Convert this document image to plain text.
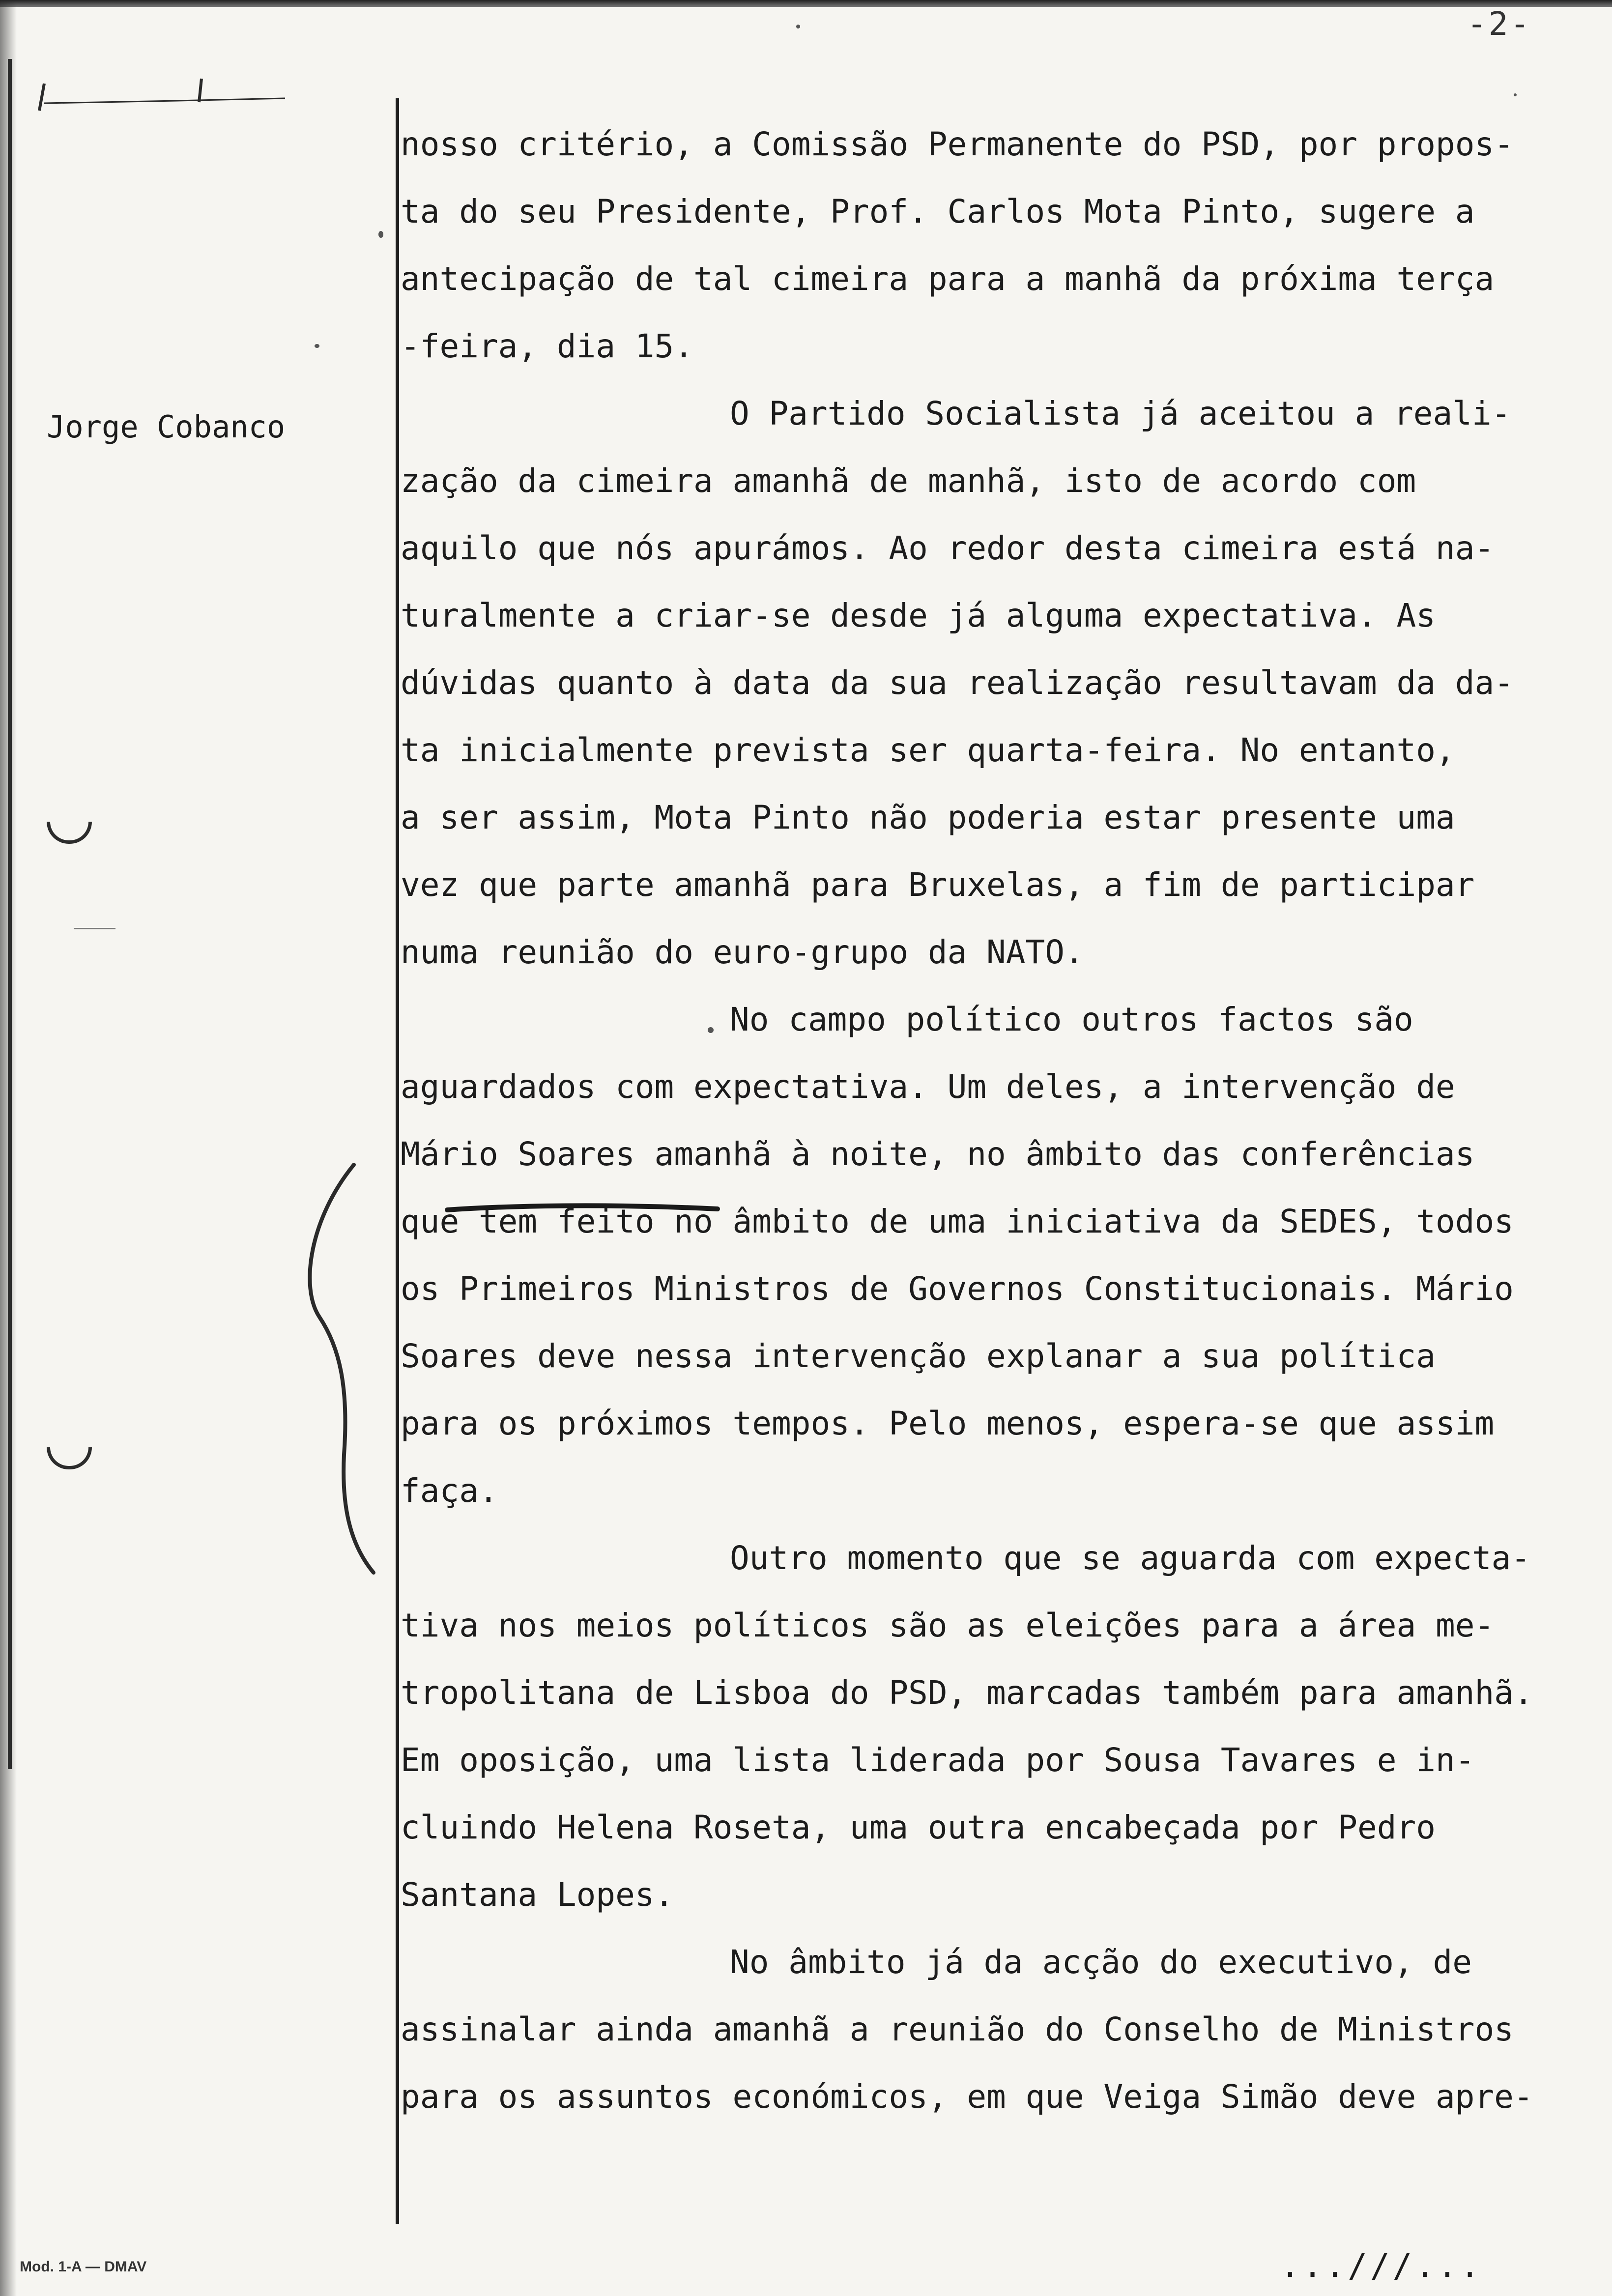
-2-
Jorge Cobanco
nosso critério, a Comissão Permanente do PSD, por propos-
ta do seu Presidente, Prof. Carlos Mota Pinto, sugere a
antecipação de tal cimeira para a manhã da próxima terça
-feira, dia 15.
O Partido Socialista já aceitou a reali-
zação da cimeira amanhã de manhã, isto de acordo com
aquilo que nós apurámos. Ao redor desta cimeira está na-
turalmente a criar-se desde já alguma expectativa. As
dúvidas quanto à data da sua realização resultavam da da-
ta inicialmente prevista ser quarta-feira. No entanto,
a ser assim, Mota Pinto não poderia estar presente uma
vez que parte amanhã para Bruxelas, a fim de participar
numa reunião do euro-grupo da NATO.
No campo político outros factos são
aguardados com expectativa. Um deles, a intervenção de
Mário Soares amanhã à noite, no âmbito das conferências
que tem feito no âmbito de uma iniciativa da SEDES, todos
os Primeiros Ministros de Governos Constitucionais. Mário
Soares deve nessa intervenção explanar a sua política
para os próximos tempos. Pelo menos, espera-se que assim
faça.
Outro momento que se aguarda com expecta-
tiva nos meios políticos são as eleições para a área me-
tropolitana de Lisboa do PSD, marcadas também para amanhã.
Em oposição, uma lista liderada por Sousa Tavares e in-
cluindo Helena Roseta, uma outra encabeçada por Pedro
Santana Lopes.
No âmbito já da acção do executivo, de
assinalar ainda amanhã a reunião do Conselho de Ministros
para os assuntos económicos, em que Veiga Simão deve apre-
Mod. 1-A — DMAV	...///...
